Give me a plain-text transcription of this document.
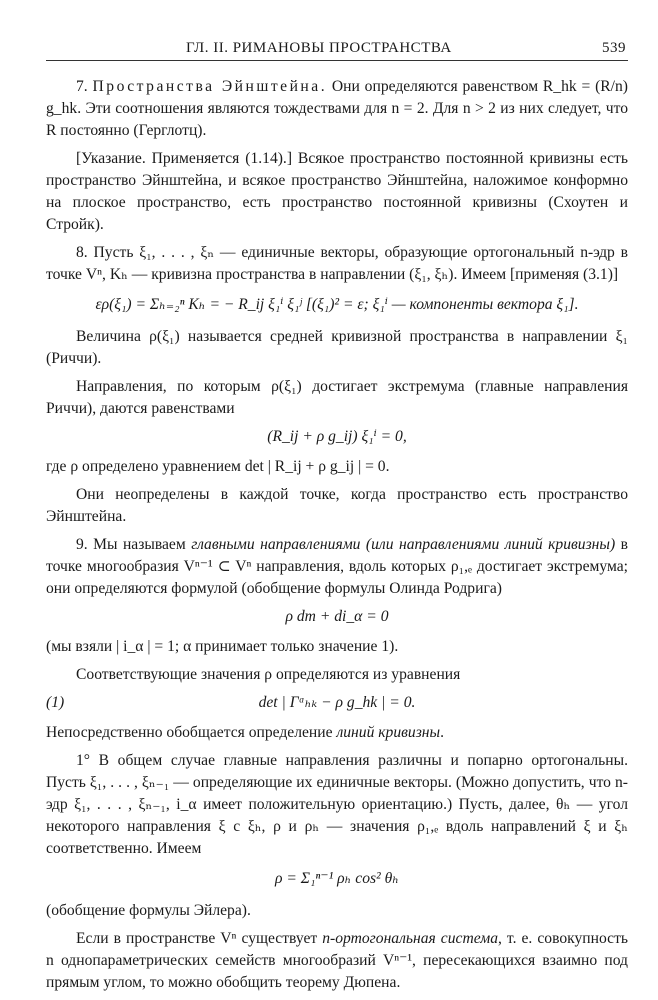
ГЛ. II. РИМАНОВЫ ПРОСТРАНСТВА	539

7. Пространства Эйнштейна. Они определяются равенством R_hk = (R/n) g_hk. Эти соотношения являются тождествами для n = 2. Для n > 2 из них следует, что R постоянно (Герглотц).

[Указание. Применяется (1.14).] Всякое пространство постоянной кривизны есть пространство Эйнштейна, и всякое пространство Эйнштейна, наложимое конформно на плоское пространство, есть пространство постоянной кривизны (Схоутен и Стройк).

8. Пусть ξ₁, . . . , ξₙ — единичные векторы, образующие ортогональный n-эдр в точке Vⁿ, Kₕ — кривизна пространства в направлении (ξ₁, ξₕ). Имеем [применяя (3.1)]

ερ(ξ₁) = Σₕ₌₂ⁿ Kₕ = − R_ij ξ₁ⁱ ξ₁ʲ [(ξ₁)² = ε; ξ₁ⁱ — компоненты вектора ξ₁].

Величина ρ(ξ₁) называется средней кривизной пространства в направлении ξ₁ (Риччи).

Направления, по которым ρ(ξ₁) достигает экстремума (главные направления Риччи), даются равенствами

(R_ij + ρ g_ij) ξ₁ⁱ = 0,

где ρ определено уравнением det | R_ij + ρ g_ij | = 0.

Они неопределены в каждой точке, когда пространство есть пространство Эйнштейна.

9. Мы называем главными направлениями (или направлениями линий кривизны) в точке многообразия Vⁿ⁻¹ ⊂ Vⁿ направления, вдоль которых ρ₁,ₑ достигает экстремума; они определяются формулой (обобщение формулы Олинда Родрига)

ρ dm + di_α = 0

(мы взяли | i_α | = 1; α принимает только значение 1).

Соответствующие значения ρ определяются из уравнения

(1)	det | Γᵅₕₖ − ρ g_hk | = 0.

Непосредственно обобщается определение линий кривизны.

1° В общем случае главные направления различны и попарно ортогональны. Пусть ξ₁, . . . , ξₙ₋₁ — определяющие их единичные векторы. (Можно допустить, что n-эдр ξ₁, . . . , ξₙ₋₁, i_α имеет положительную ориентацию.) Пусть, далее, θₕ — угол некоторого направления ξ с ξₕ, ρ и ρₕ — значения ρ₁,ₑ вдоль направлений ξ и ξₕ соответственно. Имеем

ρ = Σ₁ⁿ⁻¹ ρₕ cos² θₕ

(обобщение формулы Эйлера).

Если в пространстве Vⁿ существует n-ортогональная система, т. е. совокупность n однопараметрических семейств многообразий Vⁿ⁻¹, пересекающихся взаимно под прямым углом, то можно обобщить теорему Дюпена.
